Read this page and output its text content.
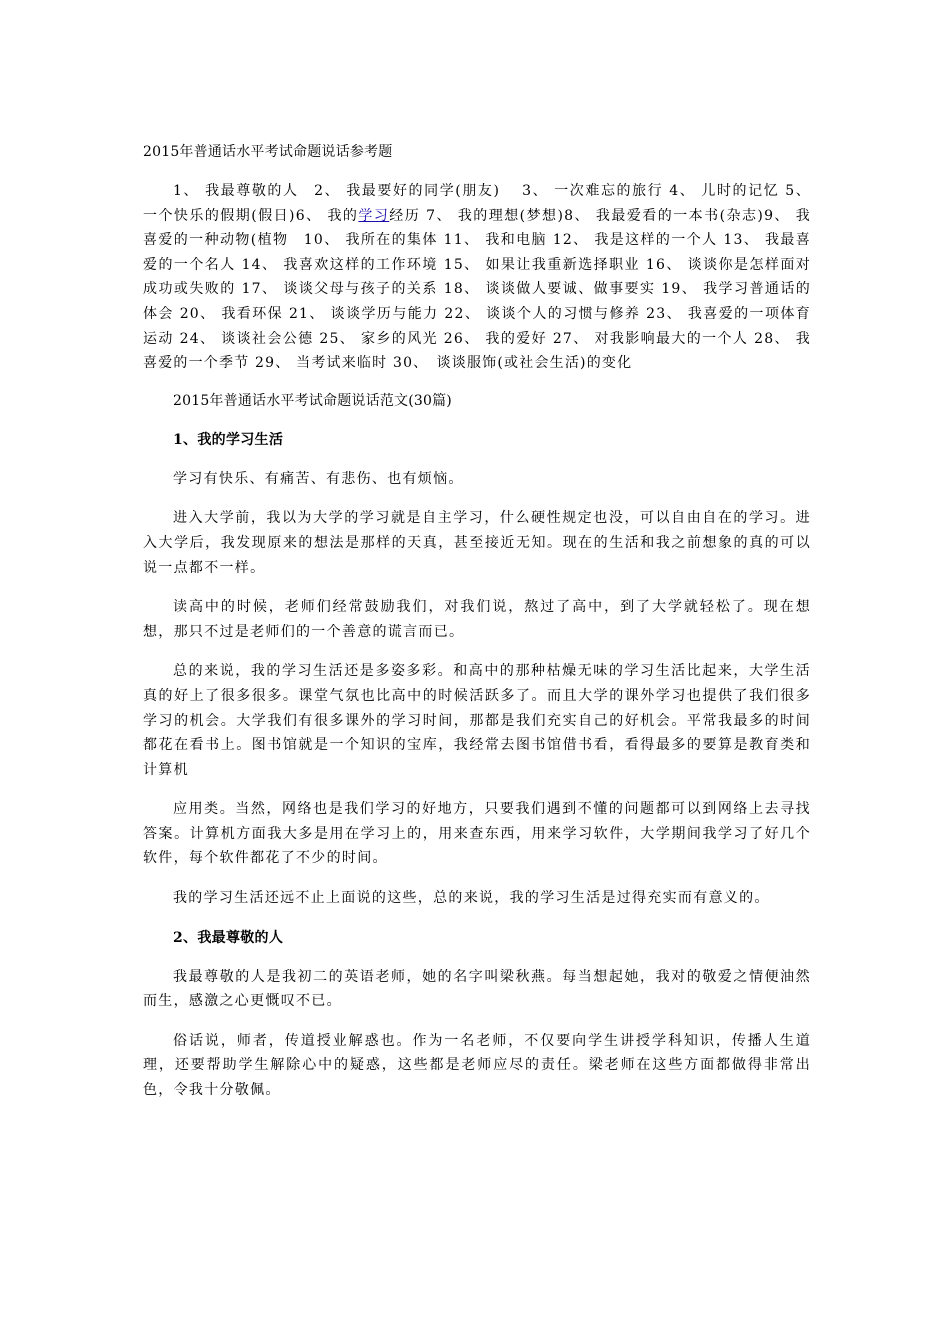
2015年普通话水平考试命题说话参考题

1、 我最尊敬的人　2、 我最要好的同学(朋友)　 3、 一次难忘的旅行 4、 儿时的记忆 5、 一个快乐的假期(假日)6、 我的学习经历 7、 我的理想(梦想)8、 我最爱看的一本书(杂志)9、 我喜爱的一种动物(植物　10、 我所在的集体 11、 我和电脑 12、 我是这样的一个人 13、 我最喜爱的一个名人 14、 我喜欢这样的工作环境 15、 如果让我重新选择职业 16、 谈谈你是怎样面对成功或失败的 17、 谈谈父母与孩子的关系 18、 谈谈做人要诚、做事要实 19、 我学习普通话的体会 20、 我看环保 21、 谈谈学历与能力 22、 谈谈个人的习惯与修养 23、 我喜爱的一项体育运动 24、 谈谈社会公德 25、 家乡的风光 26、 我的爱好 27、 对我影响最大的一个人 28、 我喜爱的一个季节 29、 当考试来临时 30、　谈谈服饰(或社会生活)的变化

2015年普通话水平考试命题说话范文(30篇)

1、我的学习生活

学习有快乐、有痛苦、有悲伤、也有烦恼。

进入大学前，我以为大学的学习就是自主学习，什么硬性规定也没，可以自由自在的学习。进入大学后，我发现原来的想法是那样的天真，甚至接近无知。现在的生活和我之前想象的真的可以说一点都不一样。

读高中的时候，老师们经常鼓励我们，对我们说，熬过了高中，到了大学就轻松了。现在想想，那只不过是老师们的一个善意的谎言而已。

总的来说，我的学习生活还是多姿多彩。和高中的那种枯燥无味的学习生活比起来，大学生活真的好上了很多很多。课堂气氛也比高中的时候活跃多了。而且大学的课外学习也提供了我们很多学习的机会。大学我们有很多课外的学习时间，那都是我们充实自己的好机会。平常我最多的时间都花在看书上。图书馆就是一个知识的宝库，我经常去图书馆借书看，看得最多的要算是教育类和计算机

应用类。当然，网络也是我们学习的好地方，只要我们遇到不懂的问题都可以到网络上去寻找答案。计算机方面我大多是用在学习上的，用来查东西，用来学习软件，大学期间我学习了好几个软件，每个软件都花了不少的时间。

我的学习生活还远不止上面说的这些，总的来说，我的学习生活是过得充实而有意义的。

2、我最尊敬的人

我最尊敬的人是我初二的英语老师，她的名字叫梁秋燕。每当想起她，我对的敬爱之情便油然而生，感激之心更慨叹不已。

俗话说，师者，传道授业解惑也。作为一名老师，不仅要向学生讲授学科知识，传播人生道理，还要帮助学生解除心中的疑惑，这些都是老师应尽的责任。梁老师在这些方面都做得非常出色，令我十分敬佩。
